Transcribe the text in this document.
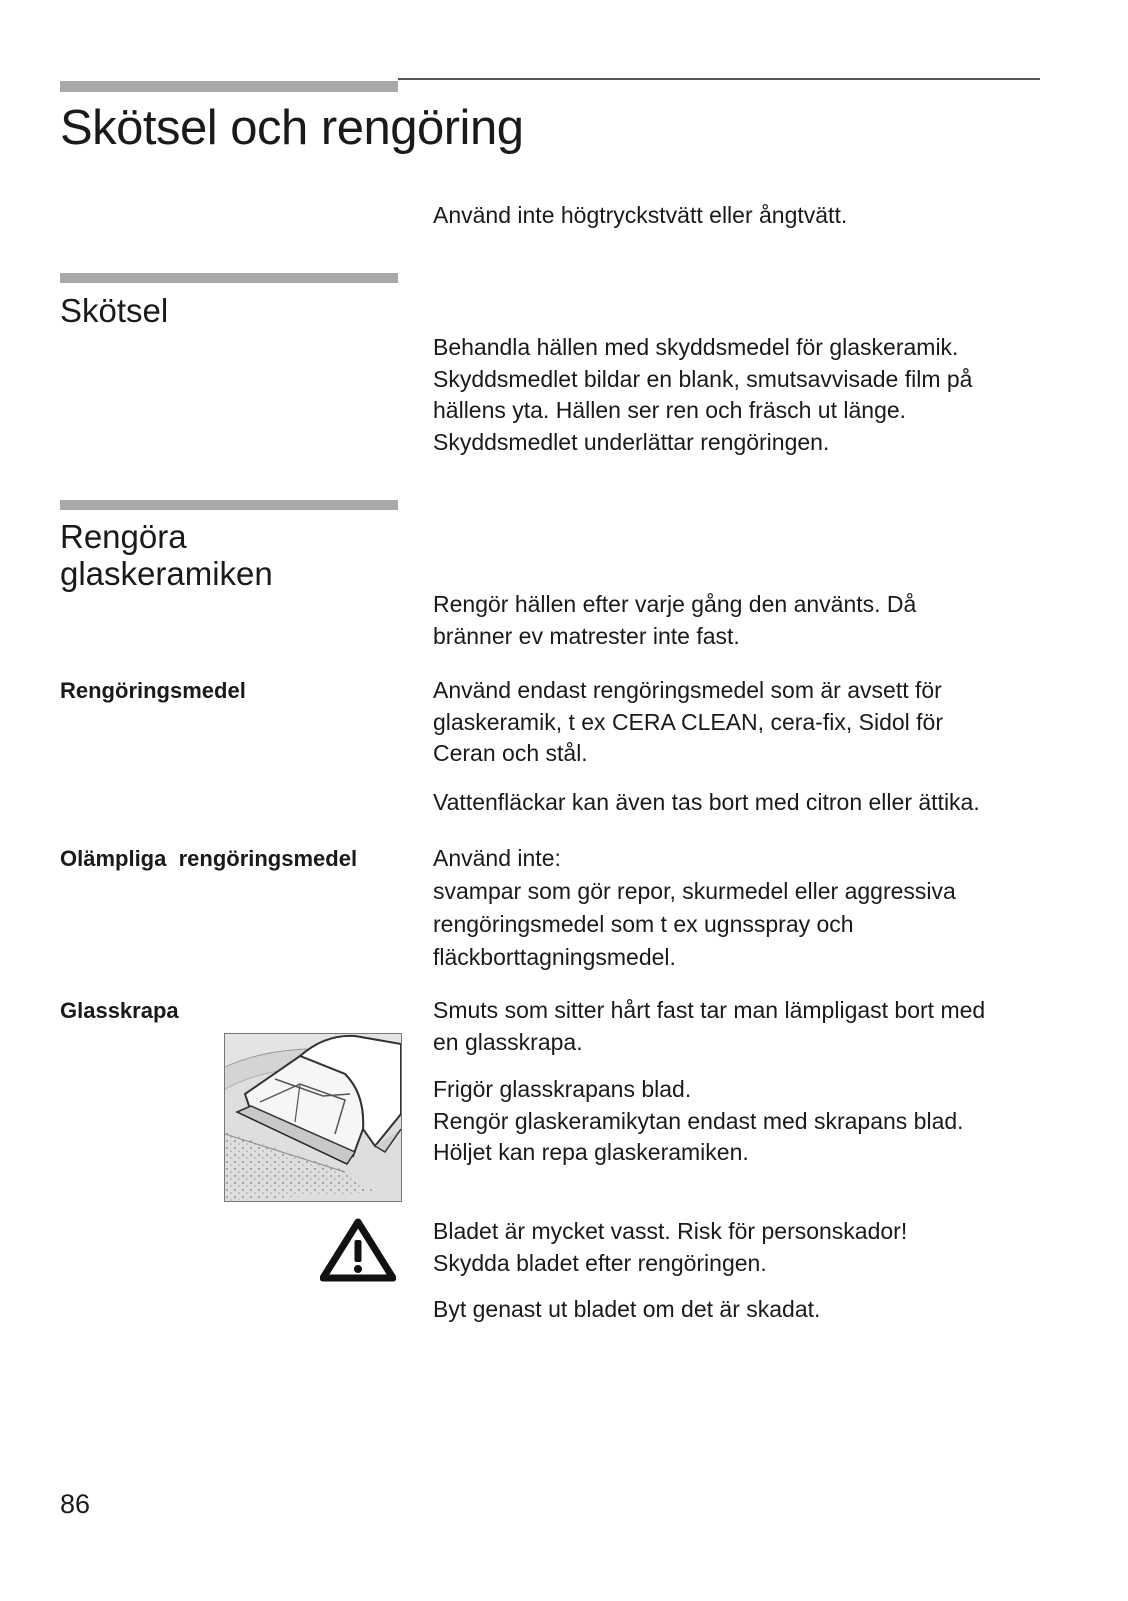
Skötsel och rengöring
Använd inte högtryckstvätt eller ångtvätt.
Skötsel
Behandla hällen med skyddsmedel för glaskeramik.
Skyddsmedlet bildar en blank, smutsavvisade film på
hällens yta. Hällen ser ren och fräsch ut länge.
Skyddsmedlet underlättar rengöringen.
Rengöra
glaskeramiken
Rengör hällen efter varje gång den använts. Då
bränner ev matrester inte fast.
Rengöringsmedel	Använd endast rengöringsmedel som är avsett för
glaskeramik, t ex CERA CLEAN, cera-fix, Sidol för
Ceran och stål.
Vattenfläckar kan även tas bort med citron eller ättika.
Olämpliga  rengöringsmedel	Använd inte:
svampar som gör repor, skurmedel eller aggressiva
rengöringsmedel som t ex ugnsspray och
fläckborttagningsmedel.
Glasskrapa	Smuts som sitter hårt fast tar man lämpligast bort med
en glasskrapa.
Frigör glasskrapans blad.
Rengör glaskeramikytan endast med skrapans blad.
Höljet kan repa glaskeramiken.
Bladet är mycket vasst. Risk för personskador!
Skydda bladet efter rengöringen.
Byt genast ut bladet om det är skadat.
86
